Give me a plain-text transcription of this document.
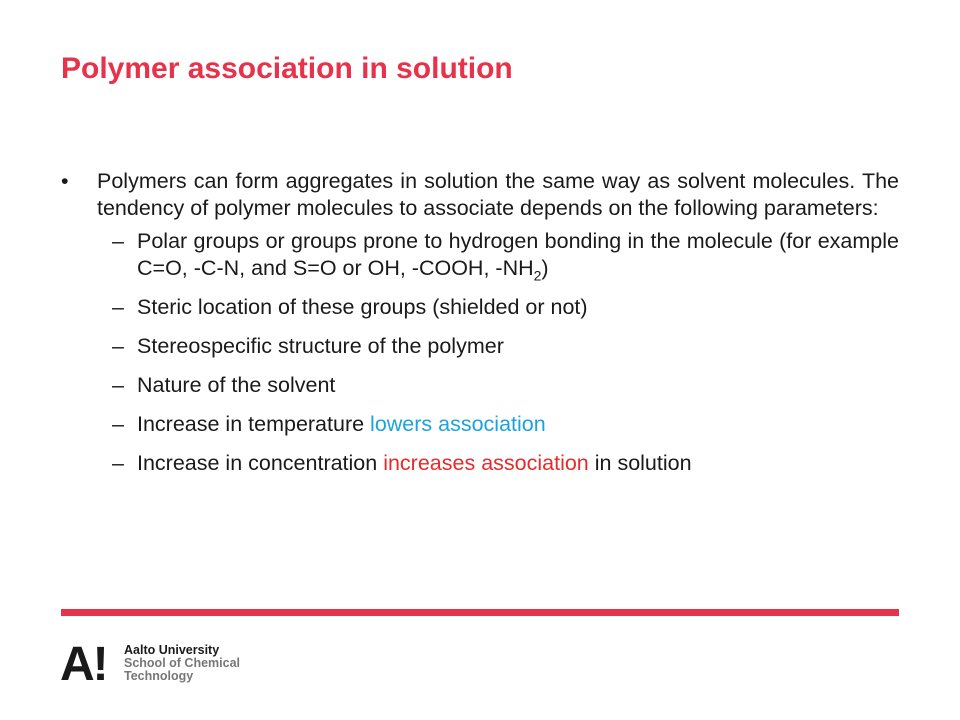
Polymer association in solution
• Polymers can form aggregates in solution the same way as solvent molecules. The tendency of polymer molecules to associate depends on the following parameters:
– Polar groups or groups prone to hydrogen bonding in the molecule (for example C=O, -C-N, and S=O or OH, -COOH, $-NH_2$)
– Steric location of these groups (shielded or not)
– Stereospecific structure of the polymer
– Nature of the solvent
– Increase in temperature lowers association
– Increase in concentration increases association in solution
A!	Aalto University
School of Chemical
Technology
